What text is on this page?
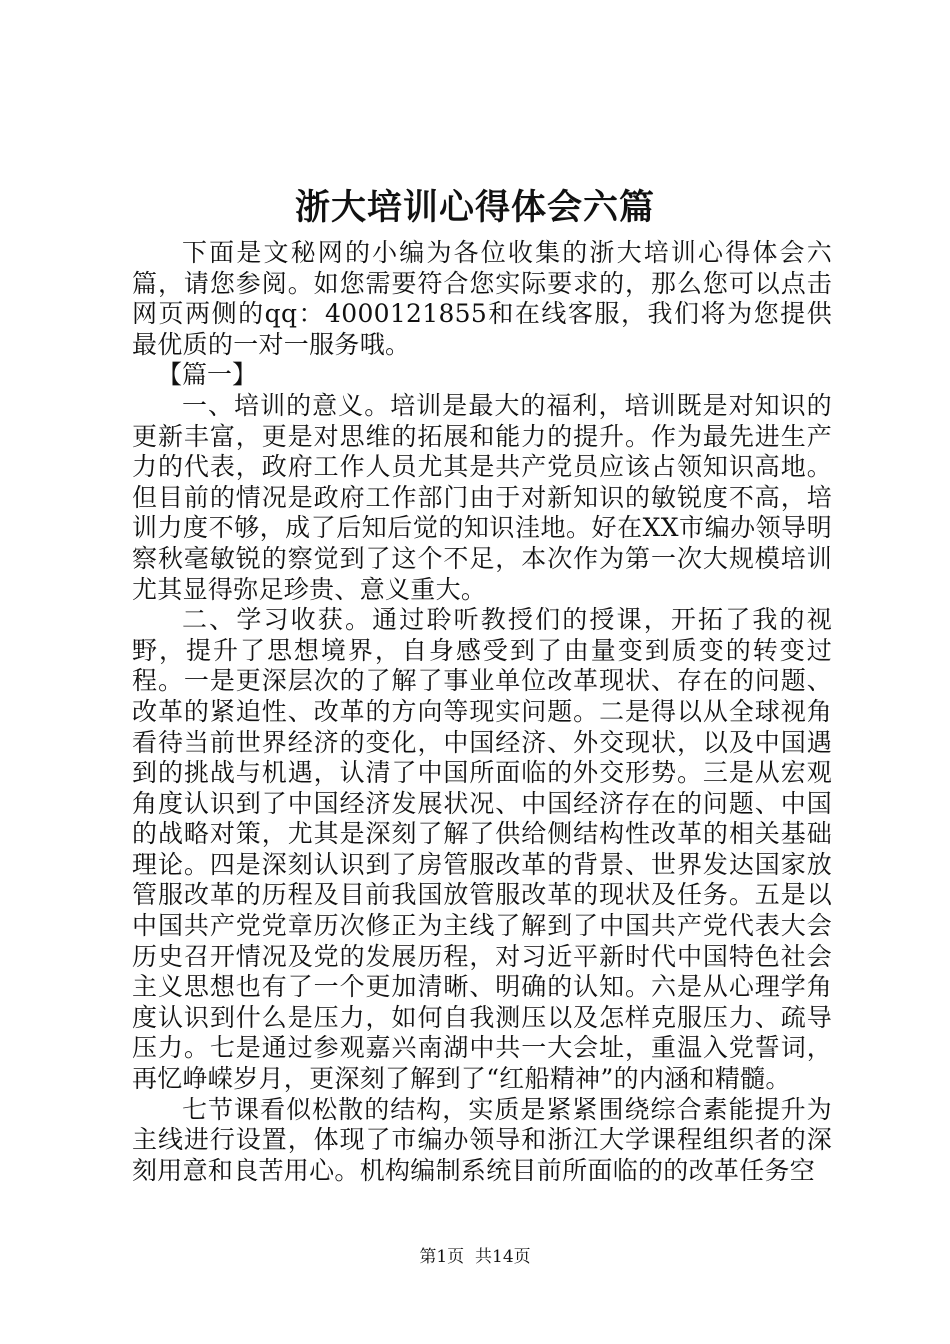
浙大培训心得体会六篇

下面是文秘网的小编为各位收集的浙大培训心得体会六篇，请您参阅。如您需要符合您实际要求的，那么您可以点击网页两侧的qq：4000121855和在线客服，我们将为您提供最优质的一对一服务哦。

【篇一】

一、培训的意义。培训是最大的福利，培训既是对知识的更新丰富，更是对思维的拓展和能力的提升。作为最先进生产力的代表，政府工作人员尤其是共产党员应该占领知识高地。但目前的情况是政府工作部门由于对新知识的敏锐度不高，培训力度不够，成了后知后觉的知识洼地。好在XX市编办领导明察秋毫敏锐的察觉到了这个不足，本次作为第一次大规模培训尤其显得弥足珍贵、意义重大。

二、学习收获。通过聆听教授们的授课，开拓了我的视野，提升了思想境界，自身感受到了由量变到质变的转变过程。一是更深层次的了解了事业单位改革现状、存在的问题、改革的紧迫性、改革的方向等现实问题。二是得以从全球视角看待当前世界经济的变化，中国经济、外交现状，以及中国遇到的挑战与机遇，认清了中国所面临的外交形势。三是从宏观角度认识到了中国经济发展状况、中国经济存在的问题、中国的战略对策，尤其是深刻了解了供给侧结构性改革的相关基础理论。四是深刻认识到了房管服改革的背景、世界发达国家放管服改革的历程及目前我国放管服改革的现状及任务。五是以中国共产党党章历次修正为主线了解到了中国共产党代表大会历史召开情况及党的发展历程，对习近平新时代中国特色社会主义思想也有了一个更加清晰、明确的认知。六是从心理学角度认识到什么是压力，如何自我测压以及怎样克服压力、疏导压力。七是通过参观嘉兴南湖中共一大会址，重温入党誓词，再忆峥嵘岁月，更深刻了解到了“红船精神”的内涵和精髓。

七节课看似松散的结构，实质是紧紧围绕综合素能提升为主线进行设置，体现了市编办领导和浙江大学课程组织者的深刻用意和良苦用心。机构编制系统目前所面临的的改革任务空

第1页 共14页
